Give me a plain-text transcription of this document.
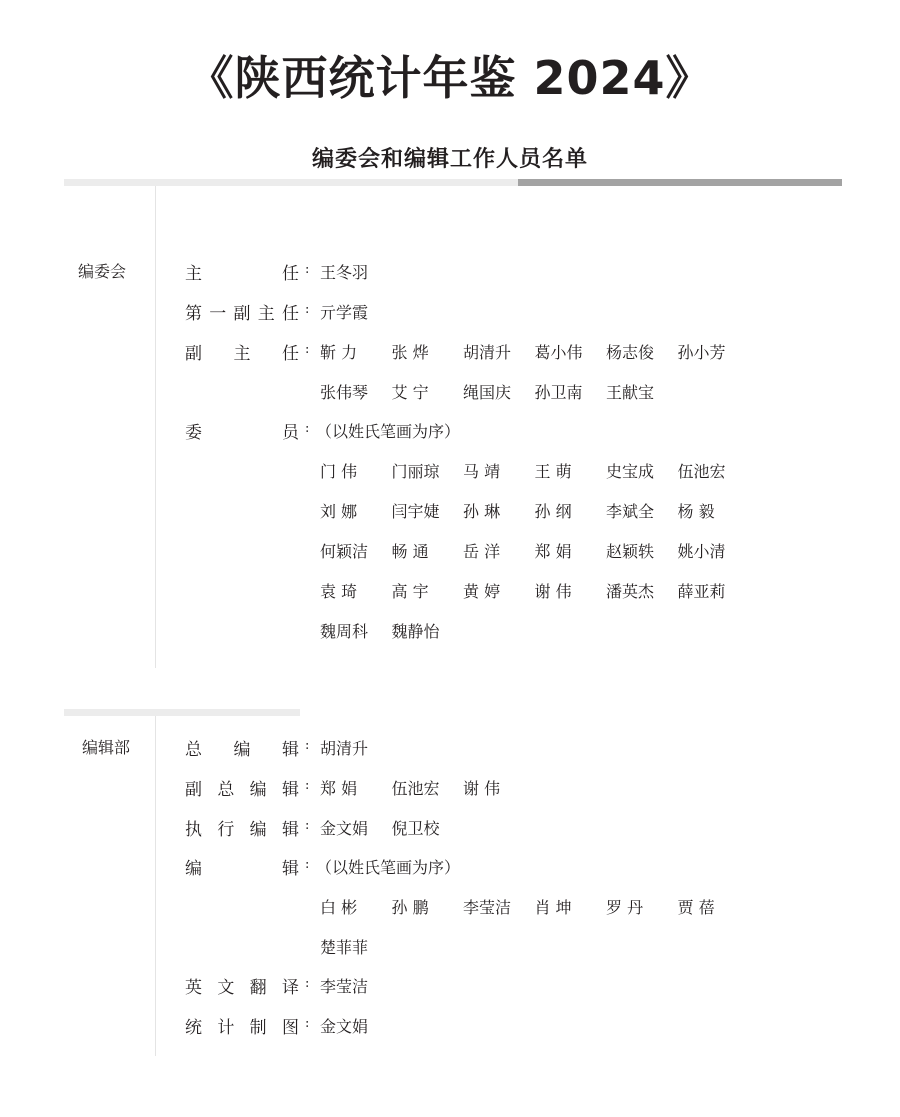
《陕西统计年鉴 2024》
编委会和编辑工作人员名单
编委会
编辑部
主	任 : 王冬羽
第 一 副 主 任 : 亓学霞
副 主 任 : 靳 力	张 烨	胡清升	葛小伟	杨志俊	孙小芳
张伟琴	艾 宁	绳国庆	孙卫南	王献宝
委	员 : （以姓氏笔画为序）
门 伟	门丽琼	马 靖	王 萌	史宝成	伍池宏
刘 娜	闫宇婕	孙 琳	孙 纲	李斌全	杨 毅
何颖洁	畅 通	岳 洋	郑 娟	赵颖轶	姚小清
袁 琦	高 宇	黄 婷	谢 伟	潘英杰	薛亚莉
魏周科	魏静怡
总 编 辑 : 胡清升
副 总 编 辑 : 郑 娟	伍池宏	谢 伟
执 行 编 辑 : 金文娟	倪卫校
编	辑 : （以姓氏笔画为序）
白 彬	孙 鹏	李莹洁	肖 坤	罗 丹	贾 蓓
楚菲菲
英 文 翻 译 : 李莹洁
统 计 制 图 : 金文娟
